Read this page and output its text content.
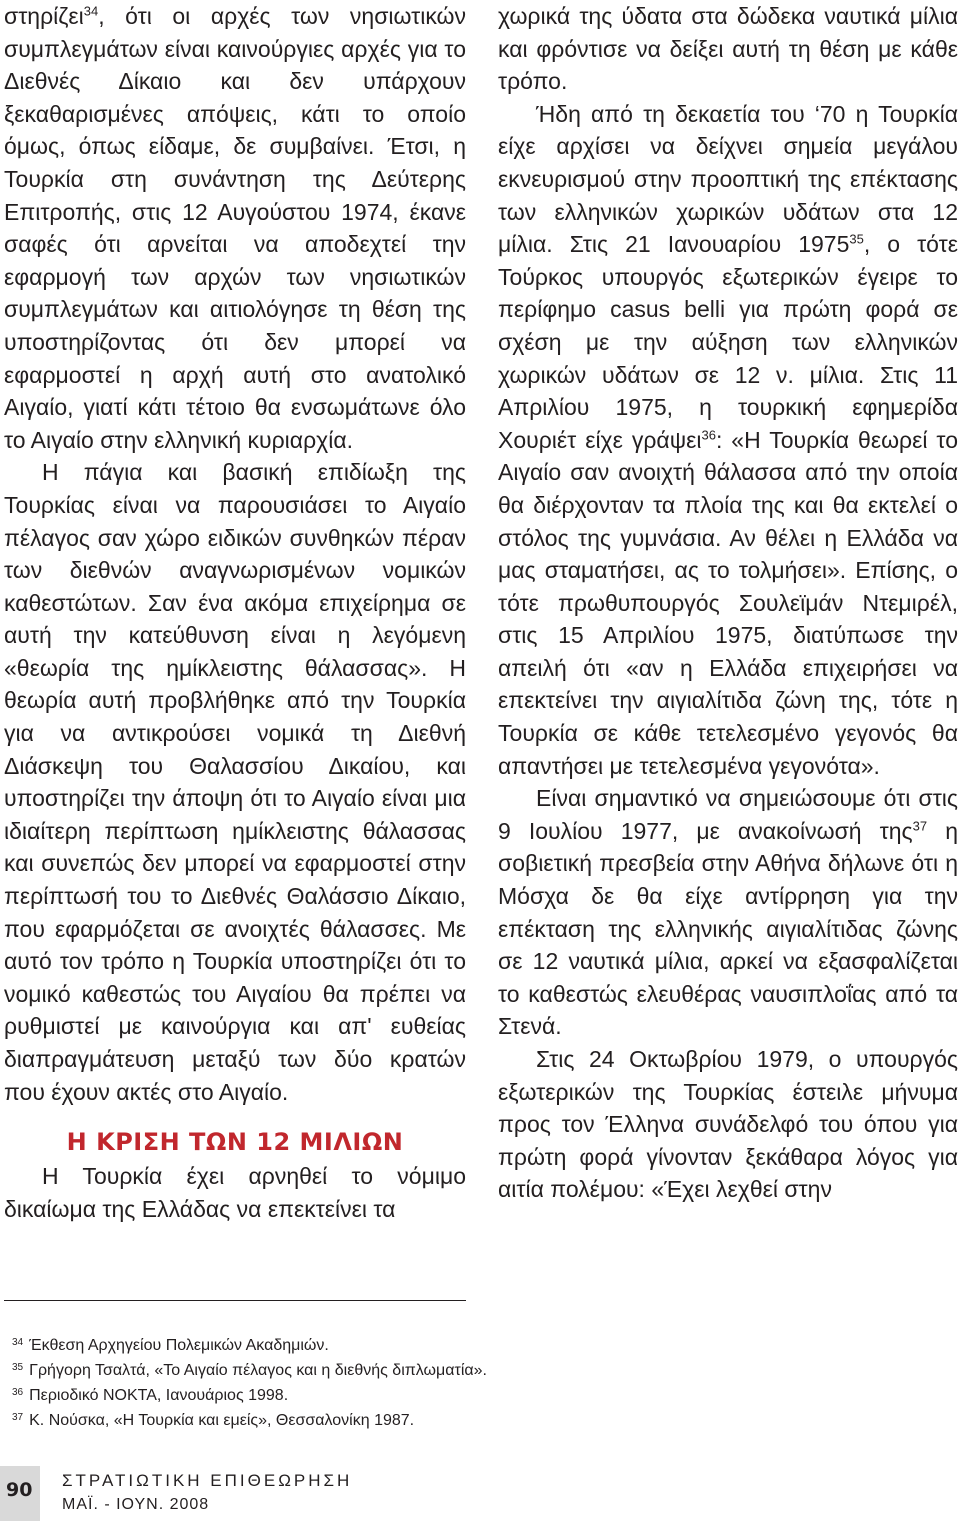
στηρίζει$^{34}$, ότι οι αρχές των νησιωτικών συμπλεγμάτων είναι καινούργιες αρχές για το Διεθνές Δίκαιο και δεν υπάρχουν ξεκαθαρισμένες απόψεις, κάτι το οποίο όμως, όπως είδαμε, δε συμβαίνει. Έτσι, η Τουρκία στη συνάντηση της Δεύτερης Επιτροπής, στις 12 Αυγούστου 1974, έκανε σαφές ότι αρνείται να αποδεχτεί την εφαρμογή των αρχών των νησιωτικών συμπλεγμάτων και αιτιολόγησε τη θέση της υποστηρίζοντας ότι δεν μπορεί να εφαρμοστεί η αρχή αυτή στο ανατολικό Αιγαίο, γιατί κάτι τέτοιο θα ενσωμάτωνε όλο το Αιγαίο στην ελληνική κυριαρχία.

Η πάγια και βασική επιδίωξη της Τουρκίας είναι να παρουσιάσει το Αιγαίο πέλαγος σαν χώρο ειδικών συνθηκών πέραν των διεθνών αναγνωρισμένων νομικών καθεστώτων. Σαν ένα ακόμα επιχείρημα σε αυτή την κατεύθυνση είναι η λεγόμενη «θεωρία της ημίκλειστης θάλασσας». Η θεωρία αυτή προβλήθηκε από την Τουρκία για να αντικρούσει νομικά τη Διεθνή Διάσκεψη του Θαλασσίου Δικαίου, και υποστηρίζει την άποψη ότι το Αιγαίο είναι μια ιδιαίτερη περίπτωση ημίκλειστης θάλασσας και συνεπώς δεν μπορεί να εφαρμοστεί στην περίπτωσή του το Διεθνές Θαλάσσιο Δίκαιο, που εφαρμόζεται σε ανοιχτές θάλασσες. Με αυτό τον τρόπο η Τουρκία υποστηρίζει ότι το νομικό καθεστώς του Αιγαίου θα πρέπει να ρυθμιστεί με καινούργια και απ' ευθείας διαπραγμάτευση μεταξύ των δύο κρατών που έχουν ακτές στο Αιγαίο.

Η ΚΡΙΣΗ ΤΩΝ 12 ΜΙΛΙΩΝ

Η Τουρκία έχει αρνηθεί το νόμιμο δικαίωμα της Ελλάδας να επεκτείνει τα

χωρικά της ύδατα στα δώδεκα ναυτικά μίλια και φρόντισε να δείξει αυτή τη θέση με κάθε τρόπο.

Ήδη από τη δεκαετία του ‘70 η Τουρκία είχε αρχίσει να δείχνει σημεία μεγάλου εκνευρισμού στην προοπτική της επέκτασης των ελληνικών χωρικών υδάτων στα 12 μίλια. Στις 21 Ιανουαρίου 1975$^{35}$, ο τότε Τούρκος υπουργός εξωτερικών έγειρε το περίφημο casus belli για πρώτη φορά σε σχέση με την αύξηση των ελληνικών χωρικών υδάτων σε 12 ν. μίλια. Στις 11 Απριλίου 1975, η τουρκική εφημερίδα Χουριέτ είχε γράψει$^{36}$: «Η Τουρκία θεωρεί το Αιγαίο σαν ανοιχτή θάλασσα από την οποία θα διέρχονταν τα πλοία της και θα εκτελεί ο στόλος της γυμνάσια. Αν θέλει η Ελλάδα να μας σταματήσει, ας το τολμήσει». Επίσης, ο τότε πρωθυπουργός Σουλεϊμάν Ντεμιρέλ, στις 15 Απριλίου 1975, διατύπωσε την απειλή ότι «αν η Ελλάδα επιχειρήσει να επεκτείνει την αιγιαλίτιδα ζώνη της, τότε η Τουρκία σε κάθε τετελεσμένο γεγονός θα απαντήσει με τετελεσμένα γεγονότα».

Είναι σημαντικό να σημειώσουμε ότι στις 9 Ιουλίου 1977, με ανακοίνωσή της$^{37}$ η σοβιετική πρεσβεία στην Αθήνα δήλωνε ότι η Μόσχα δε θα είχε αντίρρηση για την επέκταση της ελληνικής αιγιαλίτιδας ζώνης σε 12 ναυτικά μίλια, αρκεί να εξασφαλίζεται το καθεστώς ελευθέρας ναυσιπλοΐας από τα Στενά.

Στις 24 Οκτωβρίου 1979, ο υπουργός εξωτερικών της Τουρκίας έστειλε μήνυμα προς τον Έλληνα συνάδελφό του όπου για πρώτη φορά γίνονταν ξεκάθαρα λόγος για αιτία πολέμου: «Έχει λεχθεί στην

$^{34}$ Έκθεση Αρχηγείου Πολεμικών Ακαδημιών.
$^{35}$ Γρήγορη Τσαλτά, «Το Αιγαίο πέλαγος και η διεθνής διπλωματία».
$^{36}$ Περιοδικό ΝΟΚΤΑ, Ιανουάριος 1998.
$^{37}$ Κ. Νούσκα, «Η Τουρκία και εμείς», Θεσσαλονίκη 1987.
90 ΣΤΡΑΤΙΩΤΙΚΗ ΕΠΙΘΕΩΡΗΣΗ
ΜΑΪ. - ΙΟΥΝ. 2008
